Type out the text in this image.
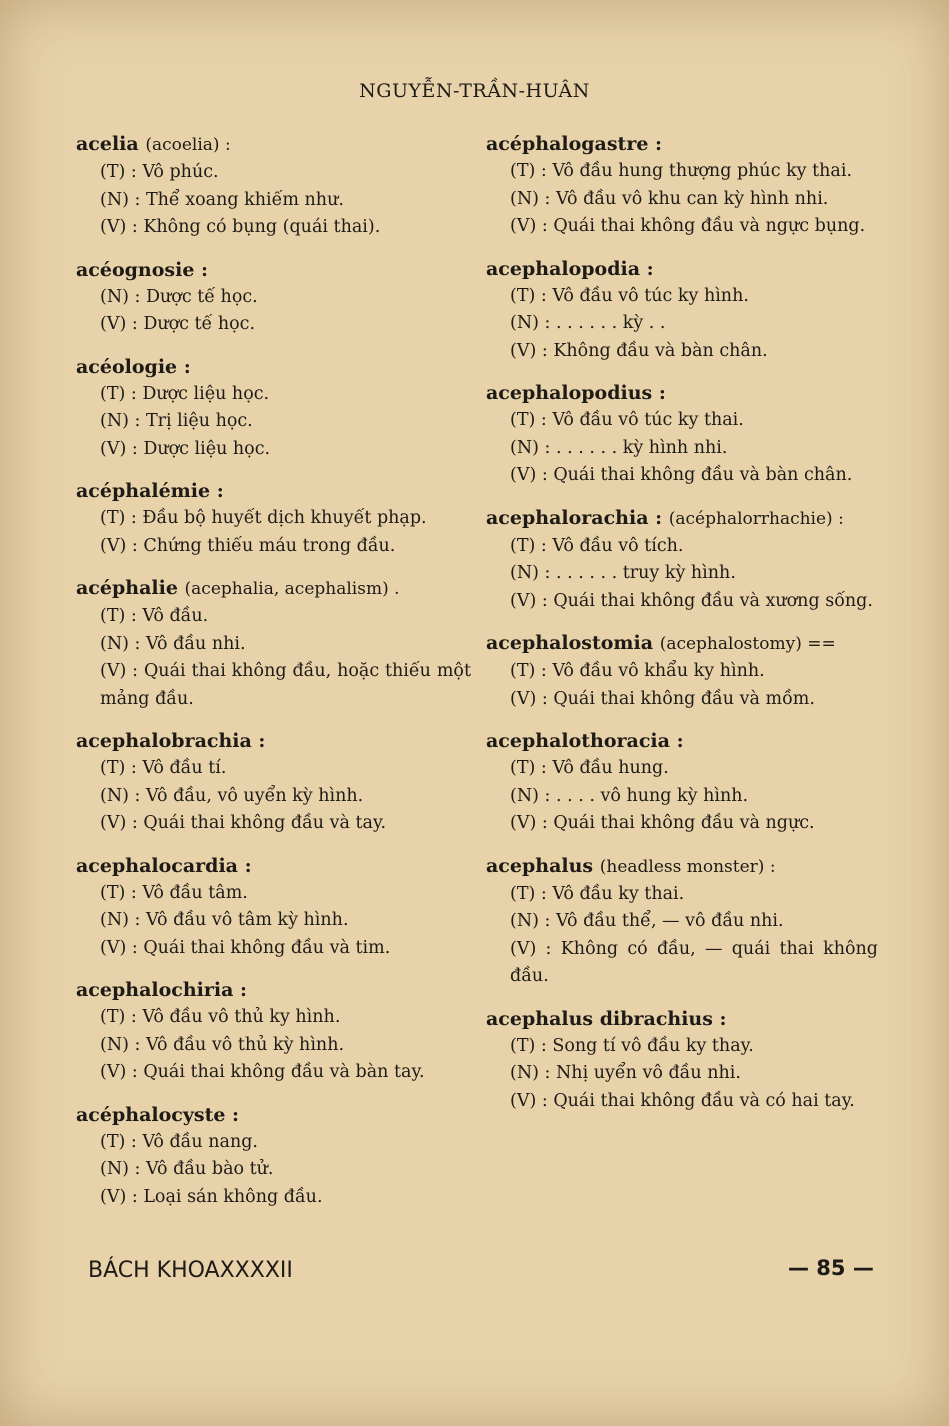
NGUYỄN-TRẦN-HUÂN
acelia (acoelia) :
(T) : Vô phúc.
(N) : Thể xoang khiếm như.
(V) : Không có bụng (quái thai).
acéognosie :
(N) : Dược tế học.
(V) : Dược tế học.
acéologie :
(T) : Dược liệu học.
(N) : Trị liệu học.
(V) : Dược liệu học.
acéphalémie :
(T) : Đầu bộ huyết dịch khuyết phạp.
(V) : Chứng thiếu máu trong đầu.
acéphalie (acephalia, acephalism) .
(T) : Vô đầu.
(N) : Vô đầu nhi.
(V) : Quái thai không đầu, hoặc thiếu một mảng đầu.
acephalobrachia :
(T) : Vô đầu tí.
(N) : Vô đầu, vô uyển kỳ hình.
(V) : Quái thai không đầu và tay.
acephalocardia :
(T) : Vô đầu tâm.
(N) : Vô đầu vô tâm kỳ hình.
(V) : Quái thai không đầu và tim.
acephalochiria :
(T) : Vô đầu vô thủ ky hình.
(N) : Vô đầu vô thủ kỳ hình.
(V) : Quái thai không đầu và bàn tay.
acéphalocyste :
(T) : Vô đầu nang.
(N) : Vô đầu bào tử.
(V) : Loại sán không đầu.
acéphalogastre :
(T) : Vô đầu hung thượng phúc ky thai.
(N) : Vô đầu vô khu can kỳ hình nhi.
(V) : Quái thai không đầu và ngực bụng.
acephalopodia :
(T) : Vô đầu vô túc ky hình.
(N) : . . . . . . kỳ . .
(V) : Không đầu và bàn chân.
acephalopodius :
(T) : Vô đầu vô túc ky thai.
(N) : . . . . . . kỳ hình nhi.
(V) : Quái thai không đầu và bàn chân.
acephalorachia : (acéphalorrhachie) :
(T) : Vô đầu vô tích.
(N) : . . . . . . truy kỳ hình.
(V) : Quái thai không đầu và xương sống.
acephalostomia (acephalostomy) ==
(T) : Vô đầu vô khẩu ky hình.
(V) : Quái thai không đầu và mồm.
acephalothoracia :
(T) : Vô đầu hung.
(N) : . . . . vô hung kỳ hình.
(V) : Quái thai không đầu và ngực.
acephalus (headless monster) :
(T) : Vô đầu ky thai.
(N) : Vô đầu thể, — vô đầu nhi.
(V) : Không có đầu, — quái thai không đầu.
acephalus dibrachius :
(T) : Song tí vô đầu ky thay.
(N) : Nhị uyển vô đầu nhi.
(V) : Quái thai không đầu và có hai tay.
BÁCH KHOAXXXXII	— 85 —
